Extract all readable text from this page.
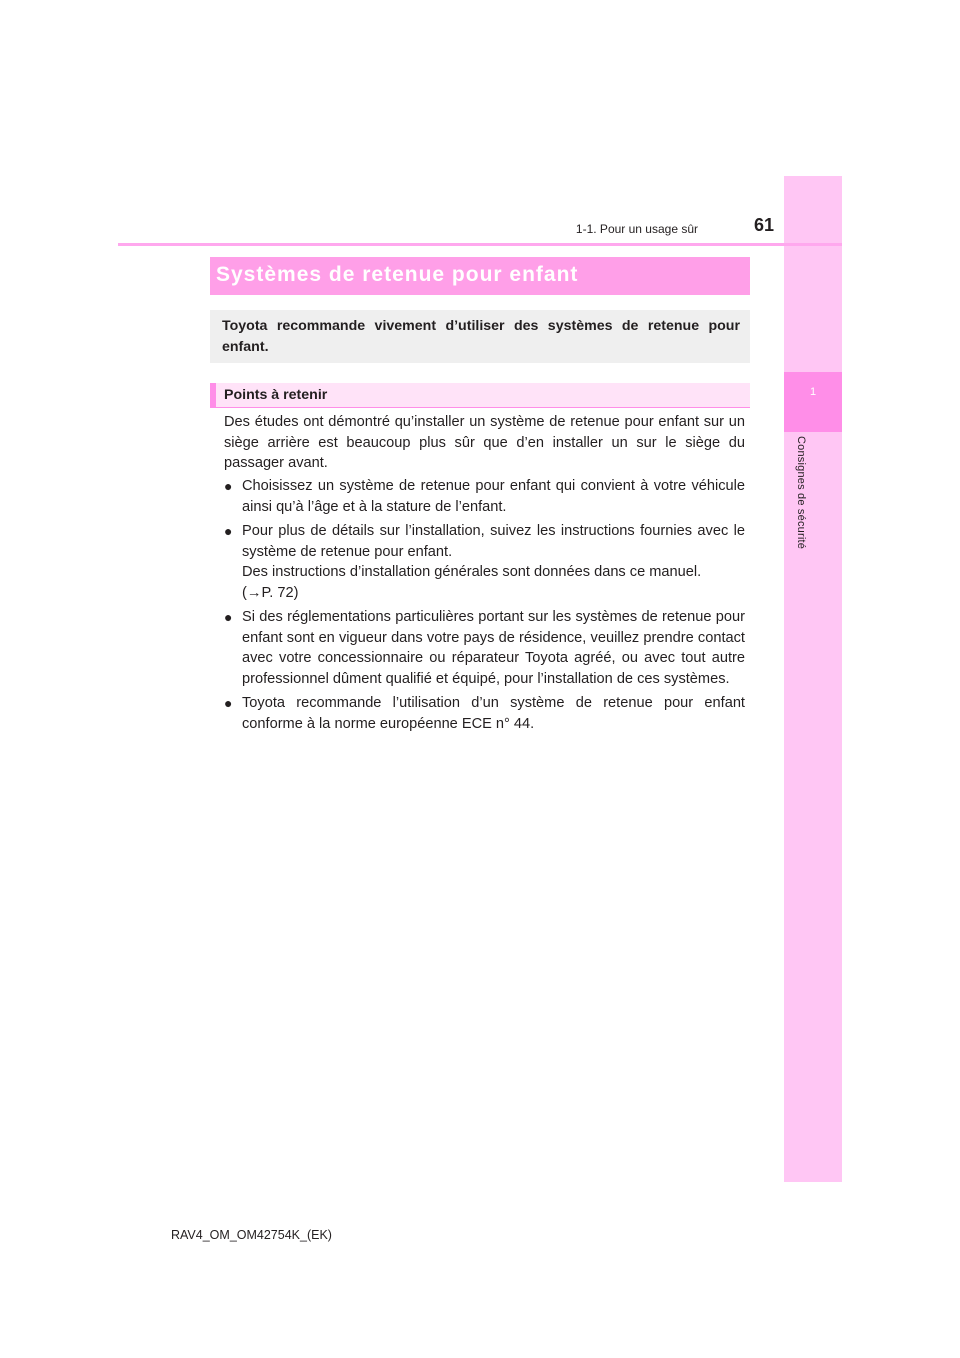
1
Consignes de sécurité
1-1. Pour un usage sûr	61
Systèmes de retenue pour enfant
Toyota recommande vivement d’utiliser des systèmes de retenue pour enfant.
Points à retenir
Des études ont démontré qu’installer un système de retenue pour enfant sur un siège arrière est beaucoup plus sûr que d’en installer un sur le siège du passager avant.
● Choisissez un système de retenue pour enfant qui convient à votre véhicule ainsi qu’à l’âge et à la stature de l’enfant.
● Pour plus de détails sur l’installation, suivez les instructions fournies avec le système de retenue pour enfant.
Des instructions d’installation générales sont données dans ce manuel.
(→P. 72)
● Si des réglementations particulières portant sur les systèmes de retenue pour enfant sont en vigueur dans votre pays de résidence, veuillez prendre contact avec votre concessionnaire ou réparateur Toyota agréé, ou avec tout autre professionnel dûment qualifié et équipé, pour l’installation de ces systèmes.
● Toyota recommande l’utilisation d’un système de retenue pour enfant conforme à la norme européenne ECE n° 44.
RAV4_OM_OM42754K_(EK)
